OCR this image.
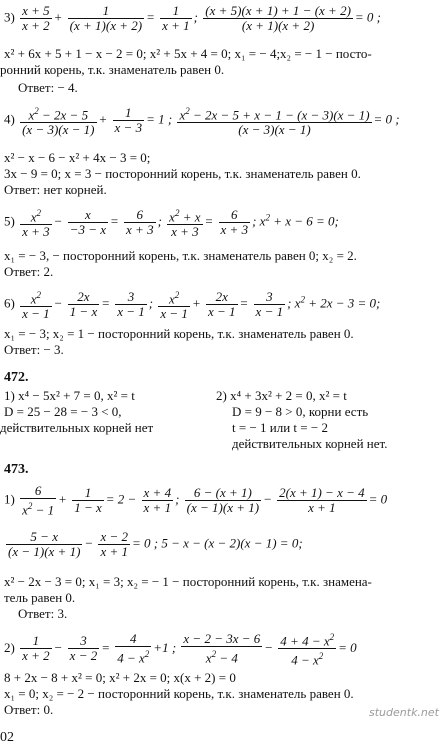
$3) \frac{x + 5}{x + 2} + \frac{1}{(x + 1)(x + 2)} = \frac{1}{x + 1}$ ; $\frac{(x + 5)(x + 1) + 1 - (x + 2)}{(x + 1)(x + 2)} = 0$ ;
x² + 6x + 5 + 1 − x − 2 = 0; x² + 5x + 4 = 0; x₁ = − 4;x₂ = − 1 − посто-
ронний корень, т.к. знаменатель равен 0.
Ответ: − 4.
$4) \frac{x^2 - 2x - 5}{(x - 3)(x - 1)} + \frac{1}{x - 3} = 1$ ; $\frac{x^2 - 2x - 5 + x - 1 - (x - 3)(x - 1)}{(x - 3)(x - 1)} = 0$ ;
x² − x − 6 − x² + 4x − 3 = 0;
3x − 9 = 0; x = 3 − посторонний корень, т.к. знаменатель равен 0.
Ответ: нет корней.
$5) \frac{x^2}{x + 3} - \frac{x}{-3 - x} = \frac{6}{x + 3}$ ; $\frac{x^2 + x}{x + 3} = \frac{6}{x + 3}$ ; $x^2 + x - 6 = 0$;
x₁ = − 3, − посторонний корень, т.к. знаменатель равен 0; x₂ = 2.
Ответ: 2.
$6) \frac{x^2}{x - 1} - \frac{2x}{1 - x} = \frac{3}{x - 1}$ ; $\frac{x^2}{x - 1} + \frac{2x}{x - 1} = \frac{3}{x - 1}$ ; $x^2 + 2x - 3 = 0$;
x₁ = − 3; x₂ = 1 − посторонний корень, т.к. знаменатель равен 0.
Ответ: − 3.
472.
1) x⁴ − 5x² + 7 = 0, x² = t
D = 25 − 28 = − 3 < 0,
действительных корней нет
2) x⁴ + 3x² + 2 = 0, x² = t
D = 9 − 8 > 0, корни есть
t = − 1 или t = − 2
действительных корней нет.
473.
$1) \frac{6}{x^2 - 1} + \frac{1}{1 - x} = 2 - \frac{x + 4}{x + 1}$ ; $\frac{6 - (x + 1)}{(x - 1)(x + 1)} - \frac{2(x + 1) - x - 4}{x + 1} = 0$
$\frac{5 - x}{(x - 1)(x + 1)} - \frac{x - 2}{x + 1} = 0$ ; 5 − x − (x − 2)(x − 1) = 0;
x² − 2x − 3 = 0; x₁ = 3; x₂ = − 1 − посторонний корень, т.к. знамена-
тель равен 0.
Ответ: 3.
$2) \frac{1}{x + 2} - \frac{3}{x - 2} = \frac{4}{4 - x^2} +1$ ; $\frac{x - 2 - 3x - 6}{x^2 - 4} - \frac{4 + 4 - x^2}{4 - x^2} = 0$
8 + 2x − 8 + x² = 0; x² + 2x = 0; x(x + 2) = 0
x₁ = 0; x₂ = − 2 − посторонний корень, т.к. знаменатель равен 0.
Ответ: 0.	studentk.net
02
